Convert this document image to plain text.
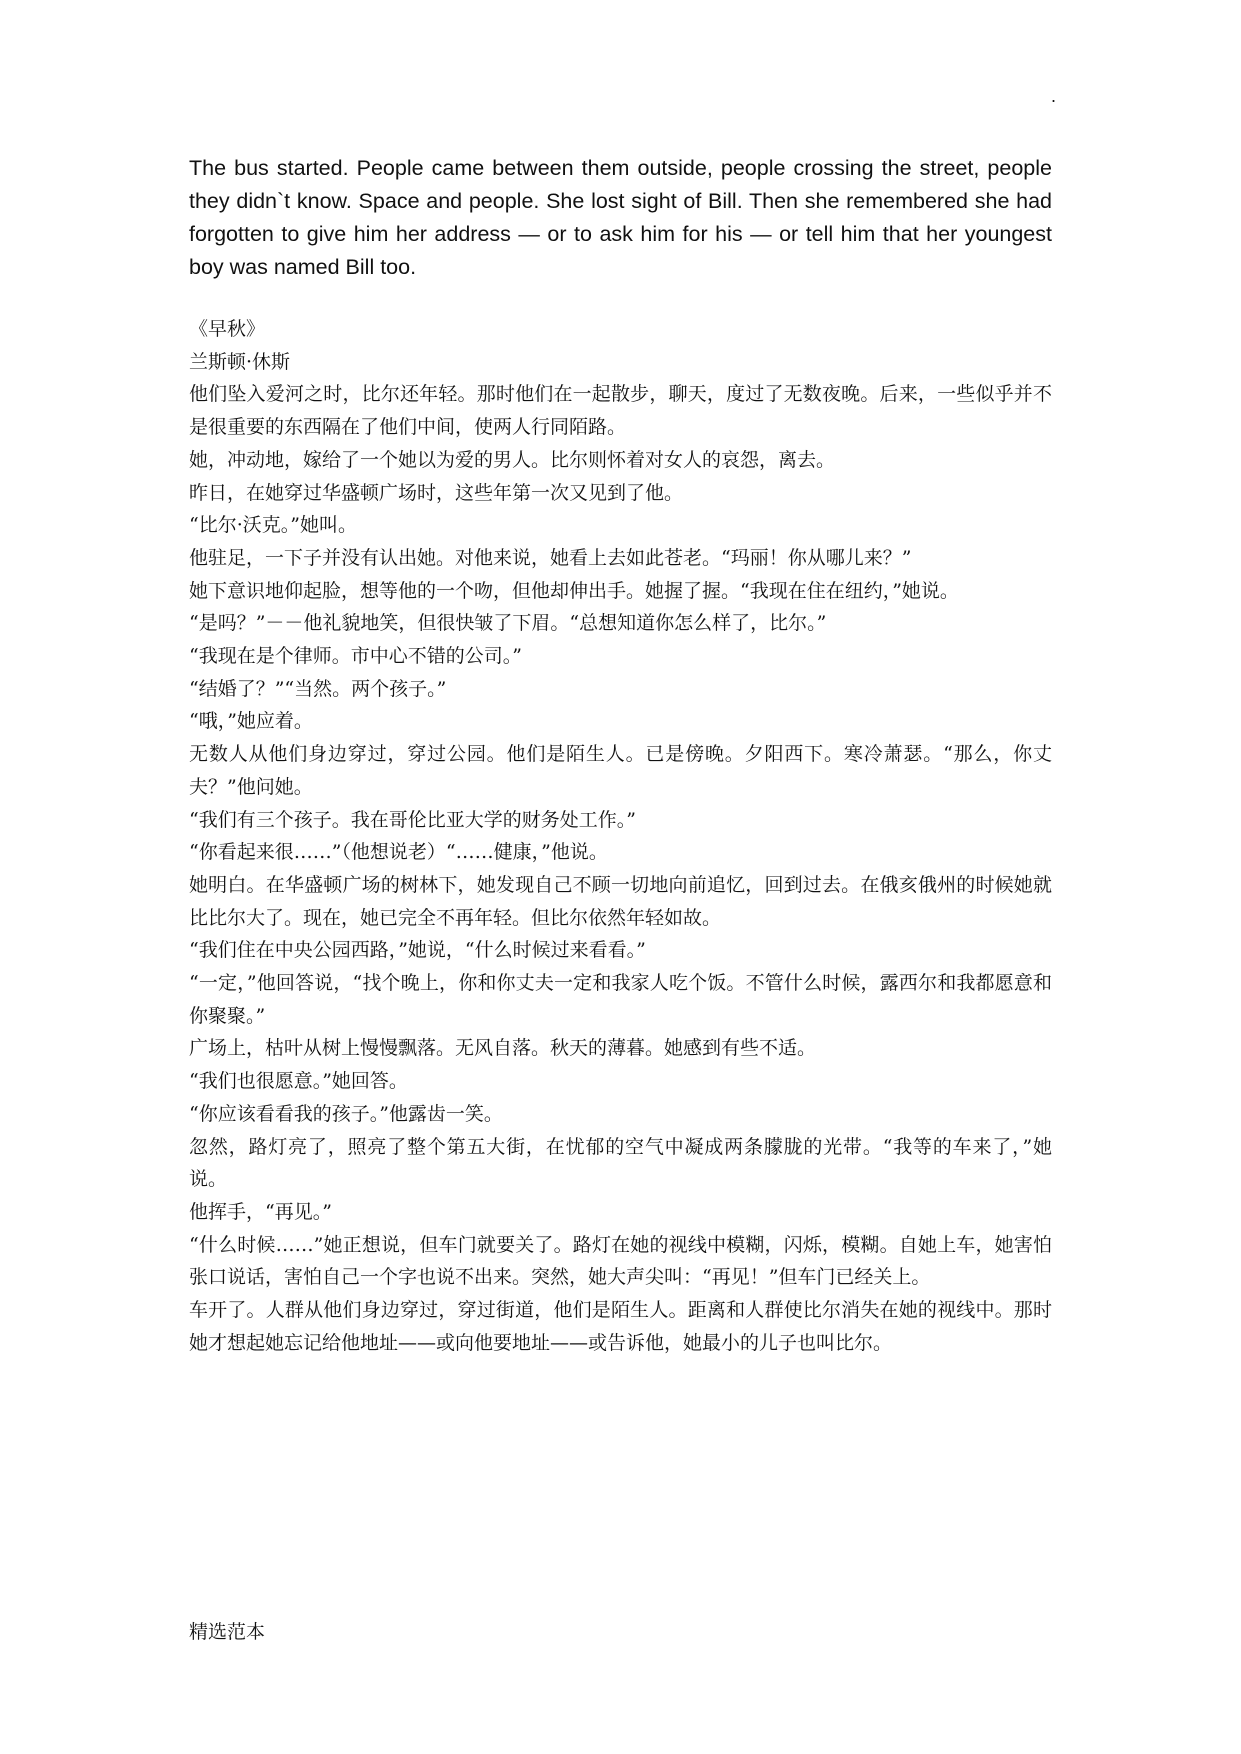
.

The bus started. People came between them outside, people crossing the street, people they didn`t know. Space and people. She lost sight of Bill. Then she remembered she had forgotten to give him her address — or to ask him for his — or tell him that her youngest boy was named Bill too.

《早秋》

兰斯顿·休斯

他们坠入爱河之时，比尔还年轻。那时他们在一起散步，聊天，度过了无数夜晚。后来，一些似乎并不是很重要的东西隔在了他们中间，使两人行同陌路。

她，冲动地，嫁给了一个她以为爱的男人。比尔则怀着对女人的哀怨，离去。

昨日，在她穿过华盛顿广场时，这些年第一次又见到了他。

“比尔·沃克。”她叫。

他驻足，一下子并没有认出她。对他来说，她看上去如此苍老。“玛丽！你从哪儿来？”

她下意识地仰起脸，想等他的一个吻，但他却伸出手。她握了握。“我现在住在纽约，”她说。

“是吗？”－－他礼貌地笑，但很快皱了下眉。“总想知道你怎么样了，比尔。”

“我现在是个律师。市中心不错的公司。”

“结婚了？”“当然。两个孩子。”

“哦，”她应着。

无数人从他们身边穿过，穿过公园。他们是陌生人。已是傍晚。夕阳西下。寒冷萧瑟。“那么，你丈夫？”他问她。

“我们有三个孩子。我在哥伦比亚大学的财务处工作。”

“你看起来很……”（他想说老）“……健康，”他说。

她明白。在华盛顿广场的树林下，她发现自己不顾一切地向前追忆，回到过去。在俄亥俄州的时候她就比比尔大了。现在，她已完全不再年轻。但比尔依然年轻如故。

“我们住在中央公园西路，”她说，“什么时候过来看看。”

“一定，”他回答说，“找个晚上，你和你丈夫一定和我家人吃个饭。不管什么时候，露西尔和我都愿意和你聚聚。”

广场上，枯叶从树上慢慢飘落。无风自落。秋天的薄暮。她感到有些不适。

“我们也很愿意。”她回答。

“你应该看看我的孩子。”他露齿一笑。

忽然，路灯亮了，照亮了整个第五大街，在忧郁的空气中凝成两条朦胧的光带。“我等的车来了，”她说。

他挥手，“再见。”

“什么时候……”她正想说，但车门就要关了。路灯在她的视线中模糊，闪烁，模糊。自她上车，她害怕张口说话，害怕自己一个字也说不出来。突然，她大声尖叫：“再见！”但车门已经关上。

车开了。人群从他们身边穿过，穿过街道，他们是陌生人。距离和人群使比尔消失在她的视线中。那时她才想起她忘记给他地址——或向他要地址——或告诉他，她最小的儿子也叫比尔。

精选范本
